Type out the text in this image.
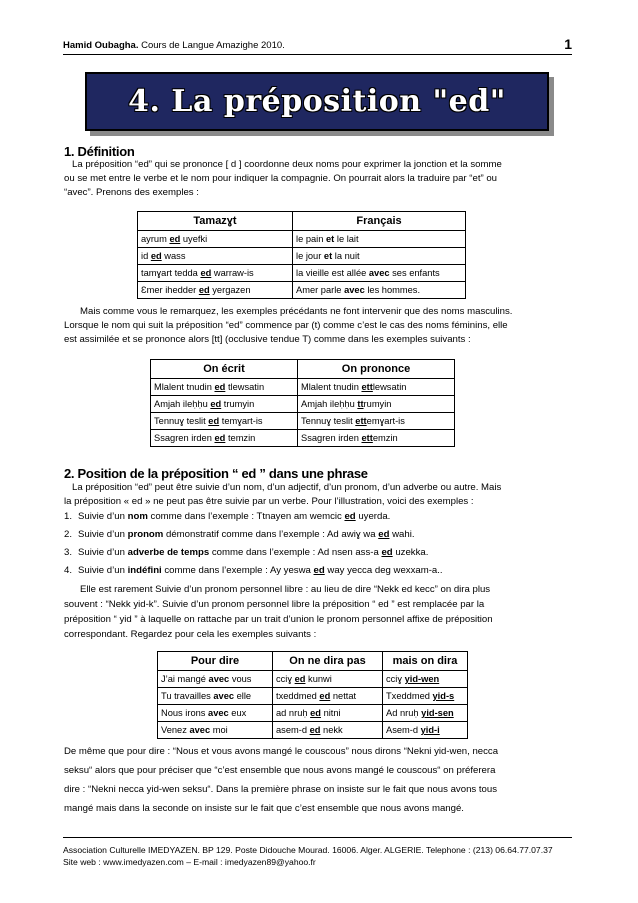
Hamid Oubagha. Cours de Langue Amazighe 2010.	1
4. La préposition "ed"
1. Définition
La préposition “ed” qui se prononce [ d ] coordonne deux noms pour exprimer la jonction et la somme
ou se met entre le verbe et le nom pour indiquer la compagnie. On pourrait alors la traduire par “et” ou
“avec”. Prenons des exemples :
Tamazɣt	Français
ayrum ed uyefki	le pain et le lait
id ed wass	le jour et la nuit
tamɣart tedda ed warraw-is	la vieille est allée avec ses enfants
Ɛmer ihedder ed yergazen	Amer parle avec les hommes.
Mais comme vous le remarquez, les exemples précédants ne font intervenir que des noms masculins.
Lorsque le nom qui suit la préposition “ed” commence par (t) comme c’est le cas des noms féminins, elle
est assimilée et se prononce alors [tt] (occlusive tendue T) comme dans les exemples suivants :
On écrit	On prononce
Mlalent tnudin ed tlewsatin	Mlalent tnudin ettlewsatin
Amjah ileḥḥu ed trumyin	Amjah ileḥḥu ttrumyin
Tennuɣ teslit ed temɣart-is	Tennuɣ teslit ettemɣart-is
Ssagren irden ed temzin	Ssagren irden ettemzin
2. Position de la préposition “ ed ” dans une phrase
La préposition “ed” peut être suivie d’un nom, d’un adjectif, d’un pronom, d’un adverbe ou autre. Mais
la préposition « ed » ne peut pas être suivie par un verbe. Pour l’illustration, voici des exemples :
1. Suivie d’un nom comme dans l’exemple : Ttnayen am wemcic ed uyerda.
2. Suivie d’un pronom démonstratif comme dans l’exemple : Ad awiɣ wa ed wahi.
3. Suivie d’un adverbe de temps comme dans l’exemple : Ad nsen ass-a ed uzekka.
4. Suivie d’un indéfini comme dans l’exemple : Ay yeswa ed way yecca deg wexxam-a..
Elle est rarement Suivie d’un pronom personnel libre : au lieu de dire “Nekk ed kecc” on dira plus
souvent : “Nekk yid-k”. Suivie d’un pronom personnel libre la préposition “ ed ” est remplacée par la
préposition “ yid ” à laquelle on rattache par un trait d’union le pronom personnel affixe de préposition
correspondant. Regardez pour cela les exemples suivants :
Pour dire	On ne dira pas	mais on dira
J’ai mangé avec vous	cciɣ ed kunwi	cciɣ yid-wen
Tu travailles avec elle	txeddmed ed nettat	Txeddmed yid-s
Nous irons avec eux	ad nruḥ ed nitni	Ad nruḥ yid-sen
Venez avec moi	asem-d ed nekk	Asem-d yid-i
De même que pour dire : “Nous et vous avons mangé le couscous” nous dirons “Nekni yid-wen, necca
seksu“ alors que pour préciser que “c’est ensemble que nous avons mangé le couscous“ on préferera
dire : “Nekni necca yid-wen seksu“. Dans la première phrase on insiste sur le fait que nous avons tous
mangé mais dans la seconde on insiste sur le fait que c’est ensemble que nous avons mangé.
Association Culturelle IMEDYAZEN. BP 129. Poste Didouche Mourad. 16006. Alger. ALGERIE. Telephone : (213) 06.64.77.07.37
Site web : www.imedyazen.com – E-mail : imedyazen89@yahoo.fr
